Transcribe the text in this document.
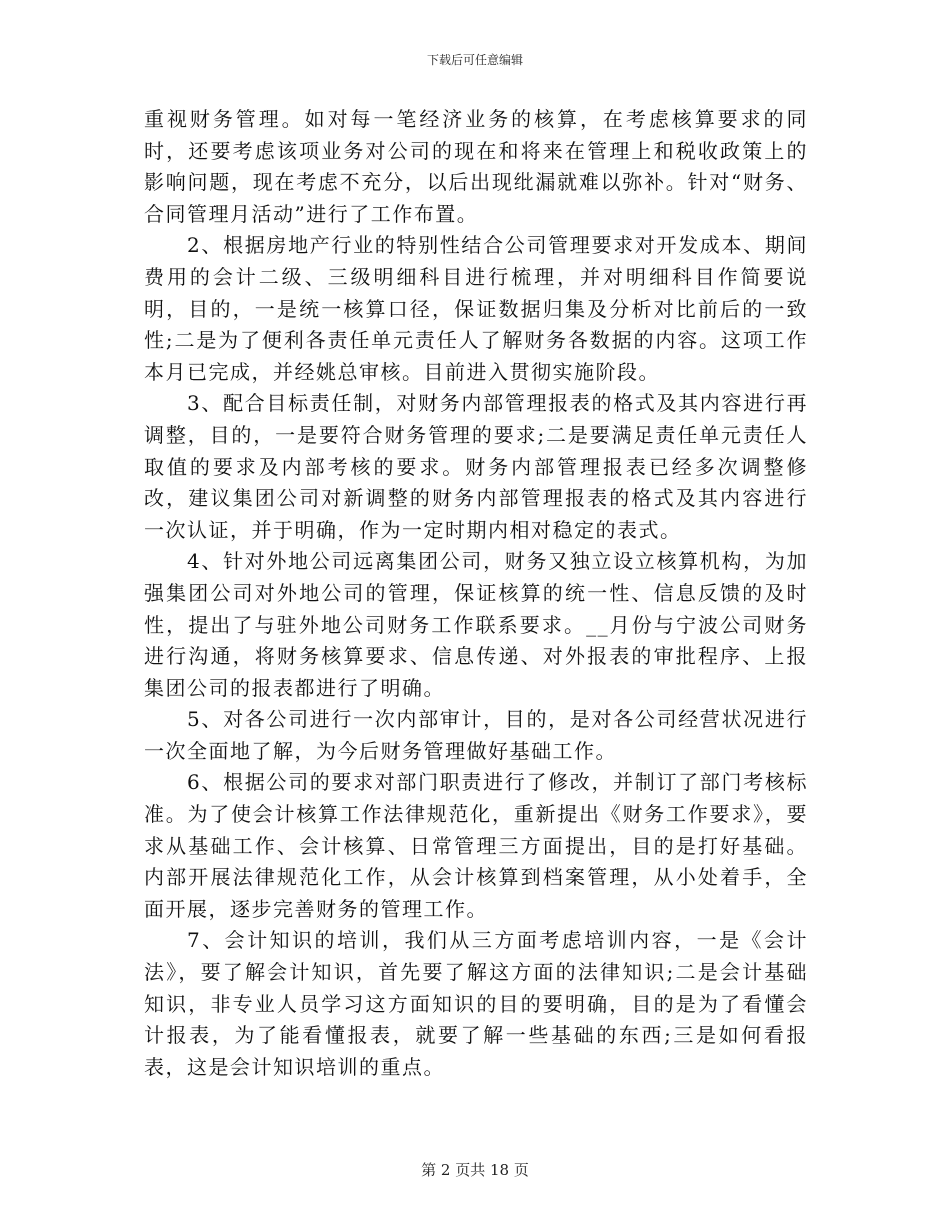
下载后可任意编辑

重视财务管理。如对每一笔经济业务的核算，在考虑核算要求的同时，还要考虑该项业务对公司的现在和将来在管理上和税收政策上的影响问题，现在考虑不充分，以后出现纰漏就难以弥补。针对“财务、合同管理月活动”进行了工作布置。

2、根据房地产行业的特别性结合公司管理要求对开发成本、期间费用的会计二级、三级明细科目进行梳理，并对明细科目作简要说明，目的，一是统一核算口径，保证数据归集及分析对比前后的一致性;二是为了便利各责任单元责任人了解财务各数据的内容。这项工作本月已完成，并经姚总审核。目前进入贯彻实施阶段。

3、配合目标责任制，对财务内部管理报表的格式及其内容进行再调整，目的，一是要符合财务管理的要求;二是要满足责任单元责任人取值的要求及内部考核的要求。财务内部管理报表已经多次调整修改，建议集团公司对新调整的财务内部管理报表的格式及其内容进行一次认证，并于明确，作为一定时期内相对稳定的表式。

4、针对外地公司远离集团公司，财务又独立设立核算机构，为加强集团公司对外地公司的管理，保证核算的统一性、信息反馈的及时性，提出了与驻外地公司财务工作联系要求。__月份与宁波公司财务进行沟通，将财务核算要求、信息传递、对外报表的审批程序、上报集团公司的报表都进行了明确。

5、对各公司进行一次内部审计，目的，是对各公司经营状况进行一次全面地了解，为今后财务管理做好基础工作。

6、根据公司的要求对部门职责进行了修改，并制订了部门考核标准。为了使会计核算工作法律规范化，重新提出《财务工作要求》，要求从基础工作、会计核算、日常管理三方面提出，目的是打好基础。内部开展法律规范化工作，从会计核算到档案管理，从小处着手，全面开展，逐步完善财务的管理工作。

7、会计知识的培训，我们从三方面考虑培训内容，一是《会计法》，要了解会计知识，首先要了解这方面的法律知识;二是会计基础知识，非专业人员学习这方面知识的目的要明确，目的是为了看懂会计报表，为了能看懂报表，就要了解一些基础的东西;三是如何看报表，这是会计知识培训的重点。

第 2 页共 18 页
